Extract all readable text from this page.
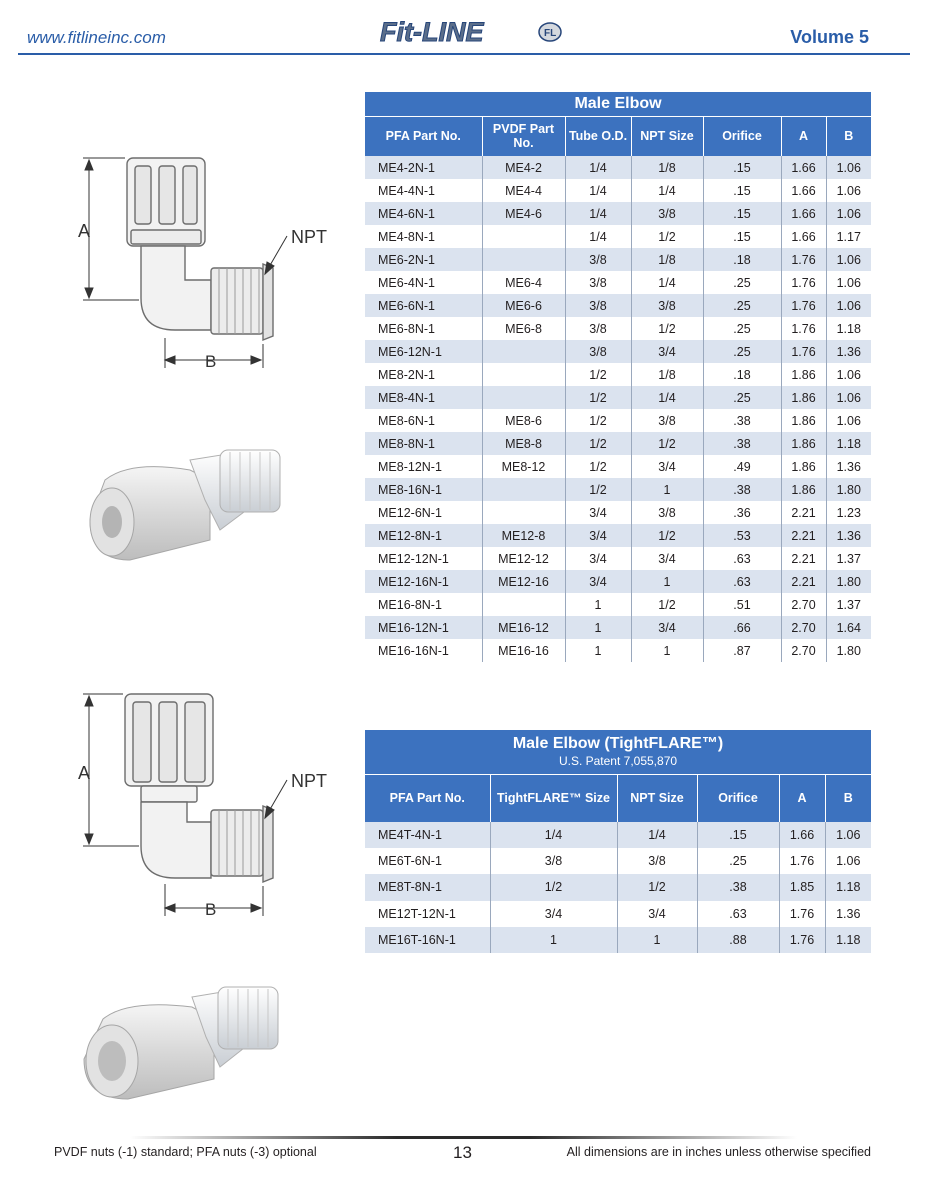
www.fitlineinc.com	Fit-LINE	FL	Volume 5
A
B
NPT
A
B
NPT
Male Elbow						
PFA Part No.	PVDF Part No.	Tube O.D.	NPT Size	Orifice	A	B
ME4-2N-1	ME4-2	1/4	1/8	.15	1.66	1.06
ME4-4N-1	ME4-4	1/4	1/4	.15	1.66	1.06
ME4-6N-1	ME4-6	1/4	3/8	.15	1.66	1.06
ME4-8N-1		1/4	1/2	.15	1.66	1.17
ME6-2N-1		3/8	1/8	.18	1.76	1.06
ME6-4N-1	ME6-4	3/8	1/4	.25	1.76	1.06
ME6-6N-1	ME6-6	3/8	3/8	.25	1.76	1.06
ME6-8N-1	ME6-8	3/8	1/2	.25	1.76	1.18
ME6-12N-1		3/8	3/4	.25	1.76	1.36
ME8-2N-1		1/2	1/8	.18	1.86	1.06
ME8-4N-1		1/2	1/4	.25	1.86	1.06
ME8-6N-1	ME8-6	1/2	3/8	.38	1.86	1.06
ME8-8N-1	ME8-8	1/2	1/2	.38	1.86	1.18
ME8-12N-1	ME8-12	1/2	3/4	.49	1.86	1.36
ME8-16N-1		1/2	1	.38	1.86	1.80
ME12-6N-1		3/4	3/8	.36	2.21	1.23
ME12-8N-1	ME12-8	3/4	1/2	.53	2.21	1.36
ME12-12N-1	ME12-12	3/4	3/4	.63	2.21	1.37
ME12-16N-1	ME12-16	3/4	1	.63	2.21	1.80
ME16-8N-1		1	1/2	.51	2.70	1.37
ME16-12N-1	ME16-12	1	3/4	.66	2.70	1.64
ME16-16N-1	ME16-16	1	1	.87	2.70	1.80
Male Elbow (TightFLARE™)
U.S. Patent 7,055,870					

PFA Part No.	TightFLARE™ Size	NPT Size	Orifice	A	B
ME4T-4N-1	1/4	1/4	.15	1.66	1.06
ME6T-6N-1	3/8	3/8	.25	1.76	1.06
ME8T-8N-1	1/2	1/2	.38	1.85	1.18
ME12T-12N-1	3/4	3/4	.63	1.76	1.36
ME16T-16N-1	1	1	.88	1.76	1.18
PVDF nuts (-1) standard; PFA nuts (-3) optional	13	All dimensions are in inches unless otherwise specified
